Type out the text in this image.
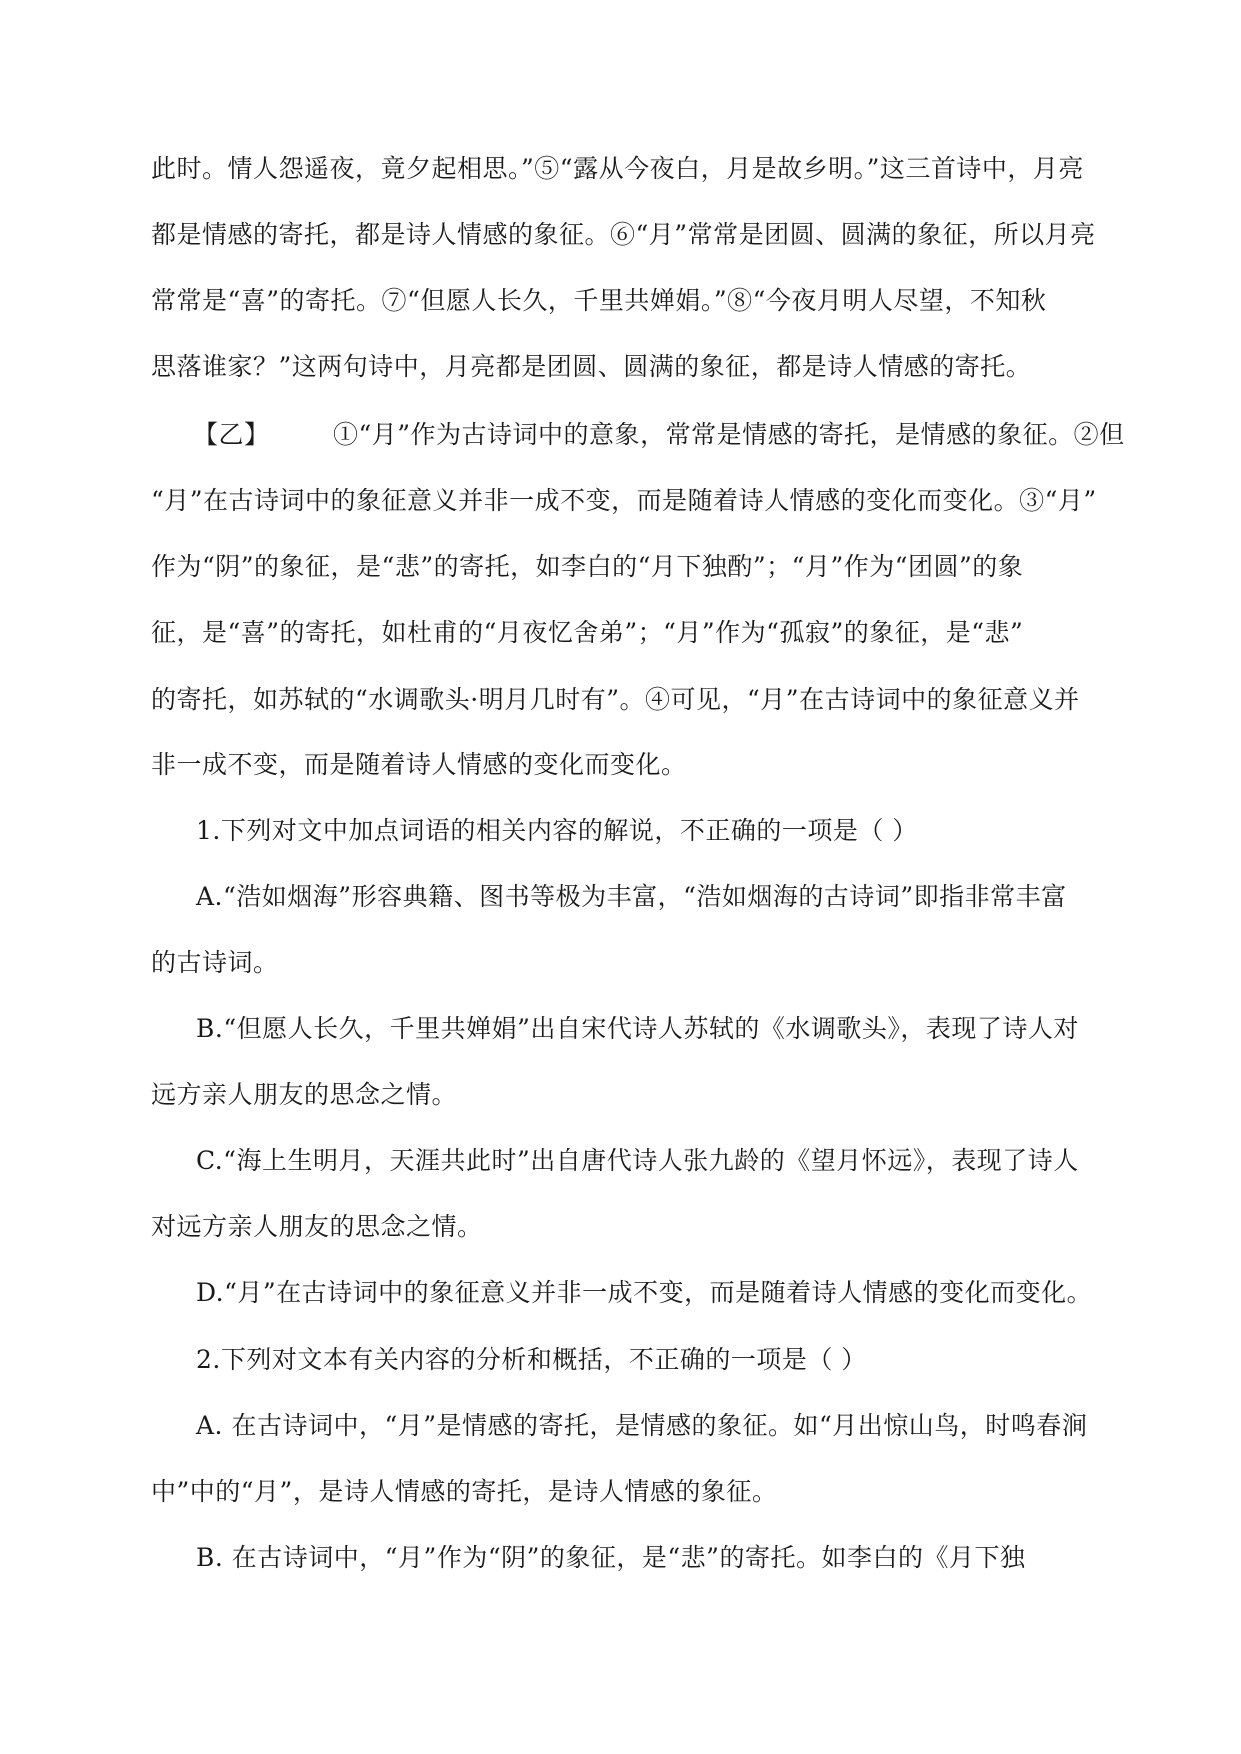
此时。情人怨遥夜，竟夕起相思。”⑤“露从今夜白，月是故乡明。”这三首诗中，月亮
都是情感的寄托，都是诗人情感的象征。⑥“月”常常是团圆、圆满的象征，所以月亮
常常是“喜”的寄托。⑦“但愿人长久，千里共婵娟。”⑧“今夜月明人尽望，不知秋
思落谁家？”这两句诗中，月亮都是团圆、圆满的象征，都是诗人情感的寄托。
【乙】	①“月”作为古诗词中的意象，常常是情感的寄托，是情感的象征。②但
“月”在古诗词中的象征意义并非一成不变，而是随着诗人情感的变化而变化。③“月”
作为“阴”的象征，是“悲”的寄托，如李白的“月下独酌”；“月”作为“团圆”的象
征，是“喜”的寄托，如杜甫的“月夜忆舍弟”；“月”作为“孤寂”的象征，是“悲”
的寄托，如苏轼的“水调歌头·明月几时有”。④可见，“月”在古诗词中的象征意义并
非一成不变，而是随着诗人情感的变化而变化。
1.下列对文中加点词语的相关内容的解说，不正确的一项是（ ）
A.“浩如烟海”形容典籍、图书等极为丰富，“浩如烟海的古诗词”即指非常丰富
的古诗词。
B.“但愿人长久，千里共婵娟”出自宋代诗人苏轼的《水调歌头》，表现了诗人对
远方亲人朋友的思念之情。
C.“海上生明月，天涯共此时”出自唐代诗人张九龄的《望月怀远》，表现了诗人
对远方亲人朋友的思念之情。
D.“月”在古诗词中的象征意义并非一成不变，而是随着诗人情感的变化而变化。
2.下列对文本有关内容的分析和概括，不正确的一项是（ ）
A. 在古诗词中，“月”是情感的寄托，是情感的象征。如“月出惊山鸟，时鸣春涧
中”中的“月”，是诗人情感的寄托，是诗人情感的象征。
B. 在古诗词中，“月”作为“阴”的象征，是“悲”的寄托。如李白的《月下独
